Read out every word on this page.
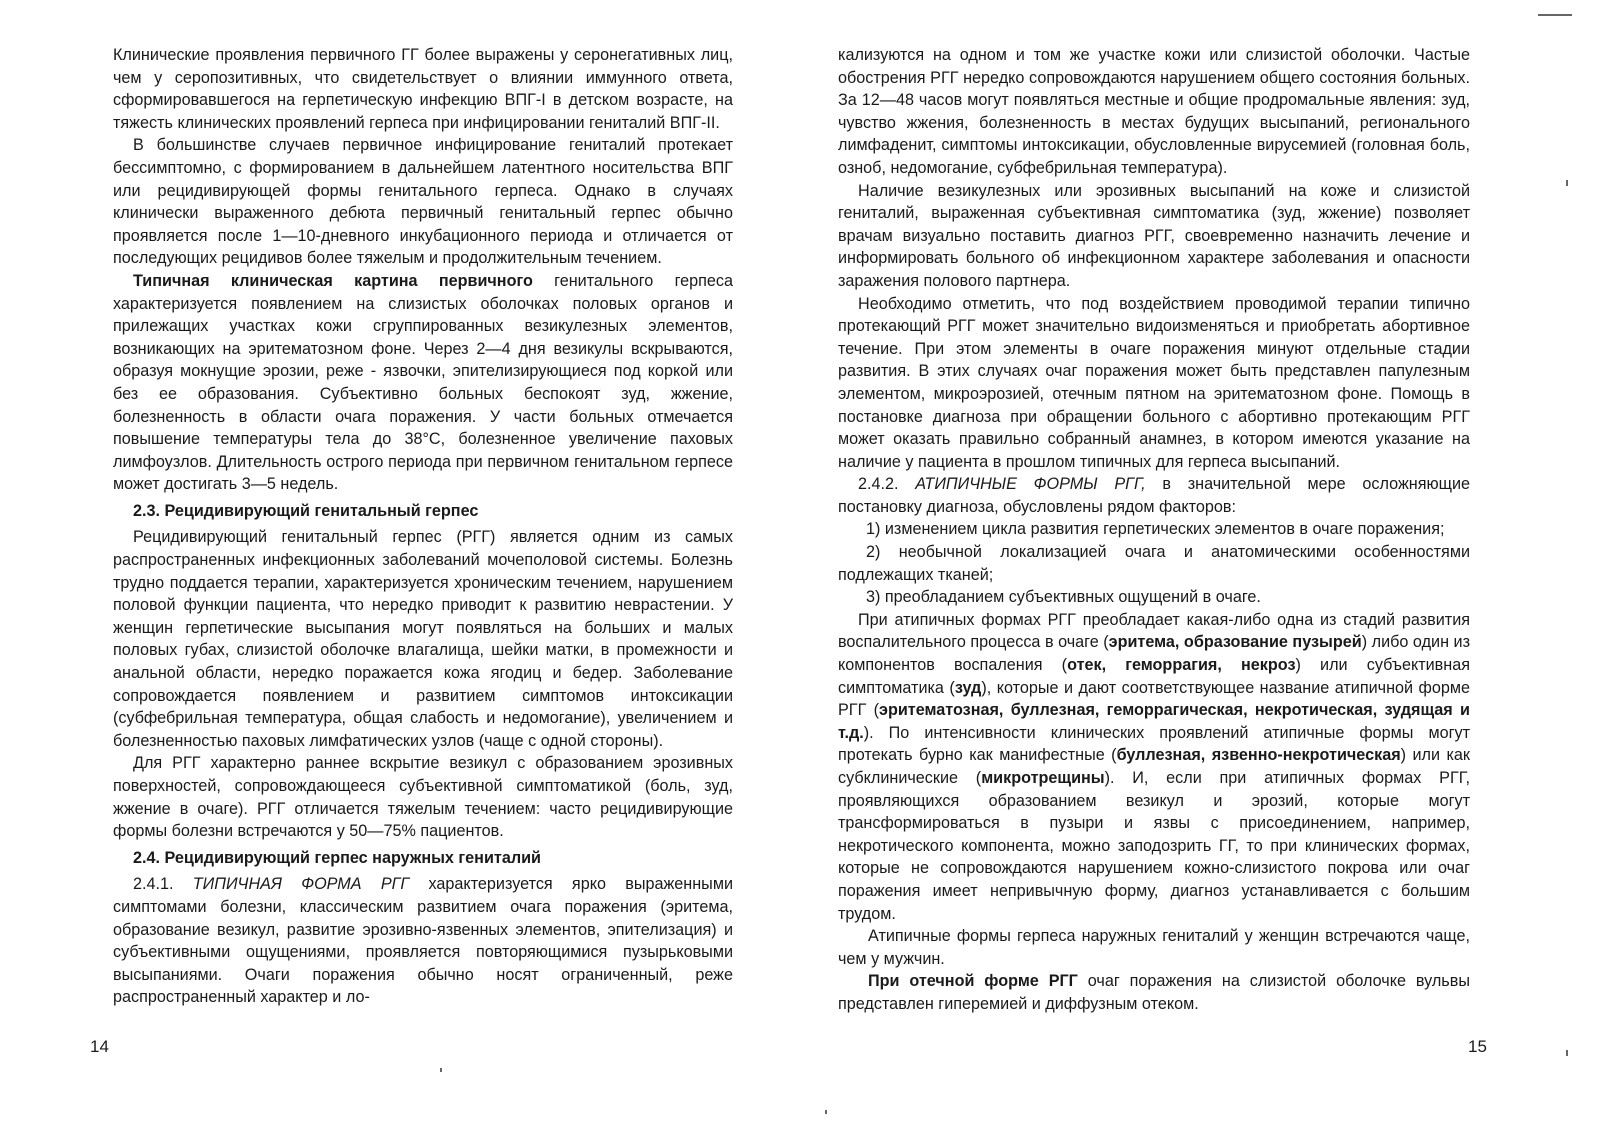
Клинические проявления первичного ГГ более выражены у серонегативных лиц, чем у серопозитивных, что свидетельствует о влиянии иммунного ответа, сформировавшегося на герпетическую инфекцию ВПГ-I в детском возрасте, на тяжесть клинических проявлений герпеса при инфицировании гениталий ВПГ-II.

В большинстве случаев первичное инфицирование гениталий протекает бессимптомно, с формированием в дальнейшем латентного носительства ВПГ или рецидивирующей формы генитального герпеса. Однако в случаях клинически выраженного дебюта первичный генитальный герпес обычно проявляется после 1—10-дневного инкубационного периода и отличается от последующих рецидивов более тяжелым и продолжительным течением.

Типичная клиническая картина первичного генитального герпеса характеризуется появлением на слизистых оболочках половых органов и прилежащих участках кожи сгруппированных везикулезных элементов, возникающих на эритематозном фоне. Через 2—4 дня везикулы вскрываются, образуя мокнущие эрозии, реже - язвочки, эпителизирующиеся под коркой или без ее образования. Субъективно больных беспокоят зуд, жжение, болезненность в области очага поражения. У части больных отмечается повышение температуры тела до 38°С, болезненное увеличение паховых лимфоузлов. Длительность острого периода при первичном генитальном герпесе может достигать 3—5 недель.

2.3. Рецидивирующий генитальный герпес

Рецидивирующий генитальный герпес (РГГ) является одним из самых распространенных инфекционных заболеваний мочеполовой системы. Болезнь трудно поддается терапии, характеризуется хроническим течением, нарушением половой функции пациента, что нередко приводит к развитию неврастении. У женщин герпетические высыпания могут появляться на больших и малых половых губах, слизистой оболочке влагалища, шейки матки, в промежности и анальной области, нередко поражается кожа ягодиц и бедер. Заболевание сопровождается появлением и развитием симптомов интоксикации (субфебрильная температура, общая слабость и недомогание), увеличением и болезненностью паховых лимфатических узлов (чаще с одной стороны).

Для РГГ характерно раннее вскрытие везикул с образованием эрозивных поверхностей, сопровождающееся субъективной симптоматикой (боль, зуд, жжение в очаге). РГГ отличается тяжелым течением: часто рецидивирующие формы болезни встречаются у 50—75% пациентов.

2.4. Рецидивирующий герпес наружных гениталий

2.4.1. ТИПИЧНАЯ ФОРМА РГГ характеризуется ярко выраженными симптомами болезни, классическим развитием очага поражения (эритема, образование везикул, развитие эрозивно-язвенных элементов, эпителизация) и субъективными ощущениями, проявляется повторяющимися пузырьковыми высыпаниями. Очаги поражения обычно носят ограниченный, реже распространенный характер и ло-

14

кализуются на одном и том же участке кожи или слизистой оболочки. Частые обострения РГГ нередко сопровождаются нарушением общего состояния больных. За 12—48 часов могут появляться местные и общие продромальные явления: зуд, чувство жжения, болезненность в местах будущих высыпаний, регионального лимфаденит, симптомы интоксикации, обусловленные вирусемией (головная боль, озноб, недомогание, субфебрильная температура).

Наличие везикулезных или эрозивных высыпаний на коже и слизистой гениталий, выраженная субъективная симптоматика (зуд, жжение) позволяет врачам визуально поставить диагноз РГГ, своевременно назначить лечение и информировать больного об инфекционном характере заболевания и опасности заражения полового партнера.

Необходимо отметить, что под воздействием проводимой терапии типично протекающий РГГ может значительно видоизменяться и приобретать абортивное течение. При этом элементы в очаге поражения минуют отдельные стадии развития. В этих случаях очаг поражения может быть представлен папулезным элементом, микроэрозией, отечным пятном на эритематозном фоне. Помощь в постановке диагноза при обращении больного с абортивно протекающим РГГ может оказать правильно собранный анамнез, в котором имеются указание на наличие у пациента в прошлом типичных для герпеса высыпаний.

2.4.2. АТИПИЧНЫЕ ФОРМЫ РГГ, в значительной мере осложняющие постановку диагноза, обусловлены рядом факторов:

1) изменением цикла развития герпетических элементов в очаге поражения;

2) необычной локализацией очага и анатомическими особенностями подлежащих тканей;

3) преобладанием субъективных ощущений в очаге.

При атипичных формах РГГ преобладает какая-либо одна из стадий развития воспалительного процесса в очаге (эритема, образование пузырей) либо один из компонентов воспаления (отек, геморрагия, некроз) или субъективная симптоматика (зуд), которые и дают соответствующее название атипичной форме РГГ (эритематозная, буллезная, геморрагическая, некротическая, зудящая и т.д.). По интенсивности клинических проявлений атипичные формы могут протекать бурно как манифестные (буллезная, язвенно-некротическая) или как субклинические (микротрещины). И, если при атипичных формах РГГ, проявляющихся образованием везикул и эрозий, которые могут трансформироваться в пузыри и язвы с присоединением, например, некротического компонента, можно заподозрить ГГ, то при клинических формах, которые не сопровождаются нарушением кожно-слизистого покрова или очаг поражения имеет непривычную форму, диагноз устанавливается с большим трудом.

Атипичные формы герпеса наружных гениталий у женщин встречаются чаще, чем у мужчин.

При отечной форме РГГ очаг поражения на слизистой оболочке вульвы представлен гиперемией и диффузным отеком.

15
